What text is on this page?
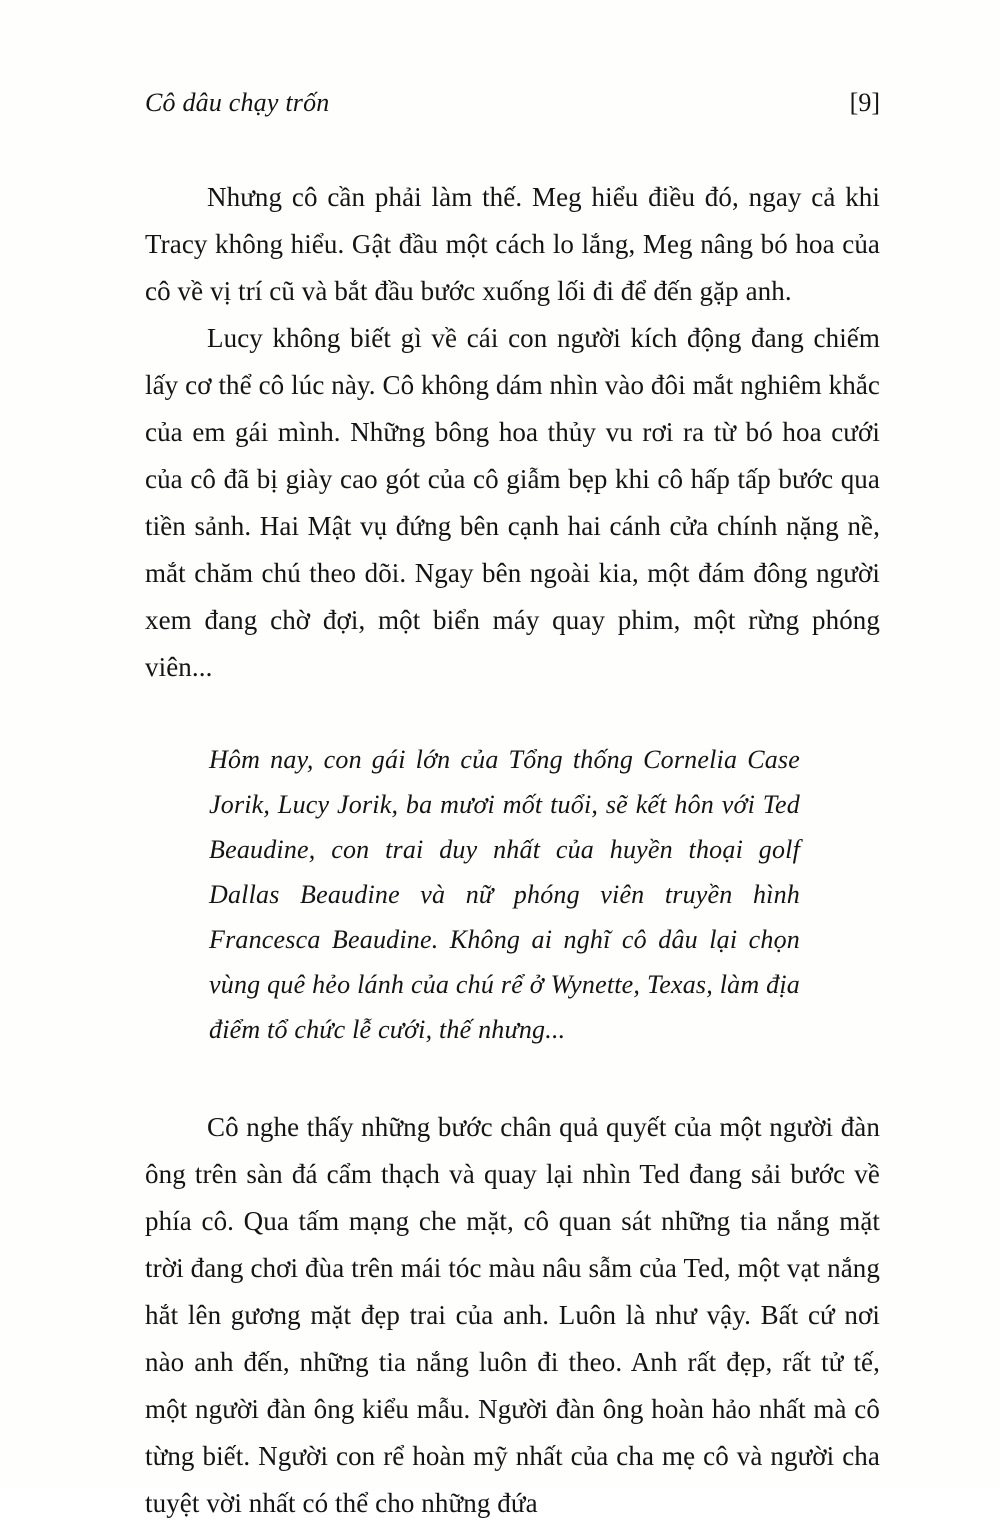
Cô dâu chạy trốn	[9]

Nhưng cô cần phải làm thế. Meg hiểu điều đó, ngay cả khi Tracy không hiểu. Gật đầu một cách lo lắng, Meg nâng bó hoa của cô về vị trí cũ và bắt đầu bước xuống lối đi để đến gặp anh.

Lucy không biết gì về cái con người kích động đang chiếm lấy cơ thể cô lúc này. Cô không dám nhìn vào đôi mắt nghiêm khắc của em gái mình. Những bông hoa thủy vu rơi ra từ bó hoa cưới của cô đã bị giày cao gót của cô giẫm bẹp khi cô hấp tấp bước qua tiền sảnh. Hai Mật vụ đứng bên cạnh hai cánh cửa chính nặng nề, mắt chăm chú theo dõi. Ngay bên ngoài kia, một đám đông người xem đang chờ đợi, một biển máy quay phim, một rừng phóng viên...

Hôm nay, con gái lớn của Tổng thống Cornelia Case Jorik, Lucy Jorik, ba mươi mốt tuổi, sẽ kết hôn với Ted Beaudine, con trai duy nhất của huyền thoại golf Dallas Beaudine và nữ phóng viên truyền hình Francesca Beaudine. Không ai nghĩ cô dâu lại chọn vùng quê hẻo lánh của chú rể ở Wynette, Texas, làm địa điểm tổ chức lễ cưới, thế nhưng...

Cô nghe thấy những bước chân quả quyết của một người đàn ông trên sàn đá cẩm thạch và quay lại nhìn Ted đang sải bước về phía cô. Qua tấm mạng che mặt, cô quan sát những tia nắng mặt trời đang chơi đùa trên mái tóc màu nâu sẫm của Ted, một vạt nắng hắt lên gương mặt đẹp trai của anh. Luôn là như vậy. Bất cứ nơi nào anh đến, những tia nắng luôn đi theo. Anh rất đẹp, rất tử tế, một người đàn ông kiểu mẫu. Người đàn ông hoàn hảo nhất mà cô từng biết. Người con rể hoàn mỹ nhất của cha mẹ cô và người cha tuyệt vời nhất có thể cho những đứa
